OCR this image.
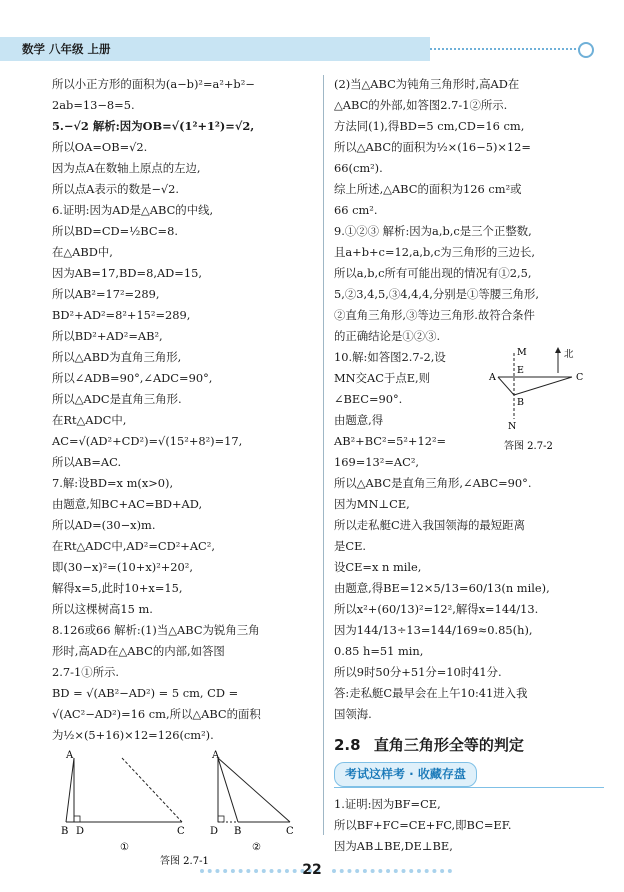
数学 八年级 上册
所以小正方形的面积为(a−b)²=a²+b²−
2ab=13−8=5.
5.−√2 解析:因为OB=√(1²+1²)=√2,
所以OA=OB=√2.
因为点A在数轴上原点的左边,
所以点A表示的数是−√2.
6.证明:因为AD是△ABC的中线,
所以BD=CD=½BC=8.
在△ABD中,
因为AB=17,BD=8,AD=15,
所以AB²=17²=289,
BD²+AD²=8²+15²=289,
所以BD²+AD²=AB²,
所以△ABD为直角三角形,
所以∠ADB=90°,∠ADC=90°,
所以△ADC是直角三角形.
在Rt△ADC中,
AC=√(AD²+CD²)=√(15²+8²)=17,
所以AB=AC.
7.解:设BD=x m(x>0),
由题意,知BC+AC=BD+AD,
所以AD=(30−x)m.
在Rt△ADC中,AD²=CD²+AC²,
即(30−x)²=(10+x)²+20²,
解得x=5,此时10+x=15,
所以这棵树高15 m.
8.126或66 解析:(1)当△ABC为锐角三角
形时,高AD在△ABC的内部,如答图
2.7-1①所示.
BD = √(AB²−AD²) = 5 cm, CD =
√(AC²−AD²)=16 cm,所以△ABC的面积
为½×(5+16)×12=126(cm²).
A
B D	C
①
A
D B	C
②
答图 2.7-1
(2)当△ABC为钝角三角形时,高AD在
△ABC的外部,如答图2.7-1②所示.
方法同(1),得BD=5 cm,CD=16 cm,
所以△ABC的面积为½×(16−5)×12=
66(cm²).
综上所述,△ABC的面积为126 cm²或
66 cm².
9.①②③ 解析:因为a,b,c是三个正整数,
且a+b+c=12,a,b,c为三角形的三边长,
所以a,b,c所有可能出现的情况有①2,5,
5,②3,4,5,③4,4,4,分别是①等腰三角形,
②直角三角形,③等边三角形.故符合条件
的正确结论是①②③.
10.解:如答图2.7-2,设
MN交AC于点E,则
∠BEC=90°.
由题意,得
AB²+BC²=5²+12²=
169=13²=AC²,
北
M
N
A
E
B
C
答图 2.7-2
所以△ABC是直角三角形,∠ABC=90°.
因为MN⊥CE,
所以走私艇C进入我国领海的最短距离
是CE.
设CE=x n mile,
由题意,得BE=12×5/13=60/13(n mile),
所以x²+(60/13)²=12²,解得x=144/13.
因为144/13÷13=144/169≈0.85(h),
0.85 h=51 min,
所以9时50分+51分=10时41分.
答:走私艇C最早会在上午10:41进入我
国领海.
2.8 直角三角形全等的判定
考试这样考 · 收藏存盘
1.证明:因为BF=CE,
所以BF+FC=CE+FC,即BC=EF.
因为AB⊥BE,DE⊥BE,
22
